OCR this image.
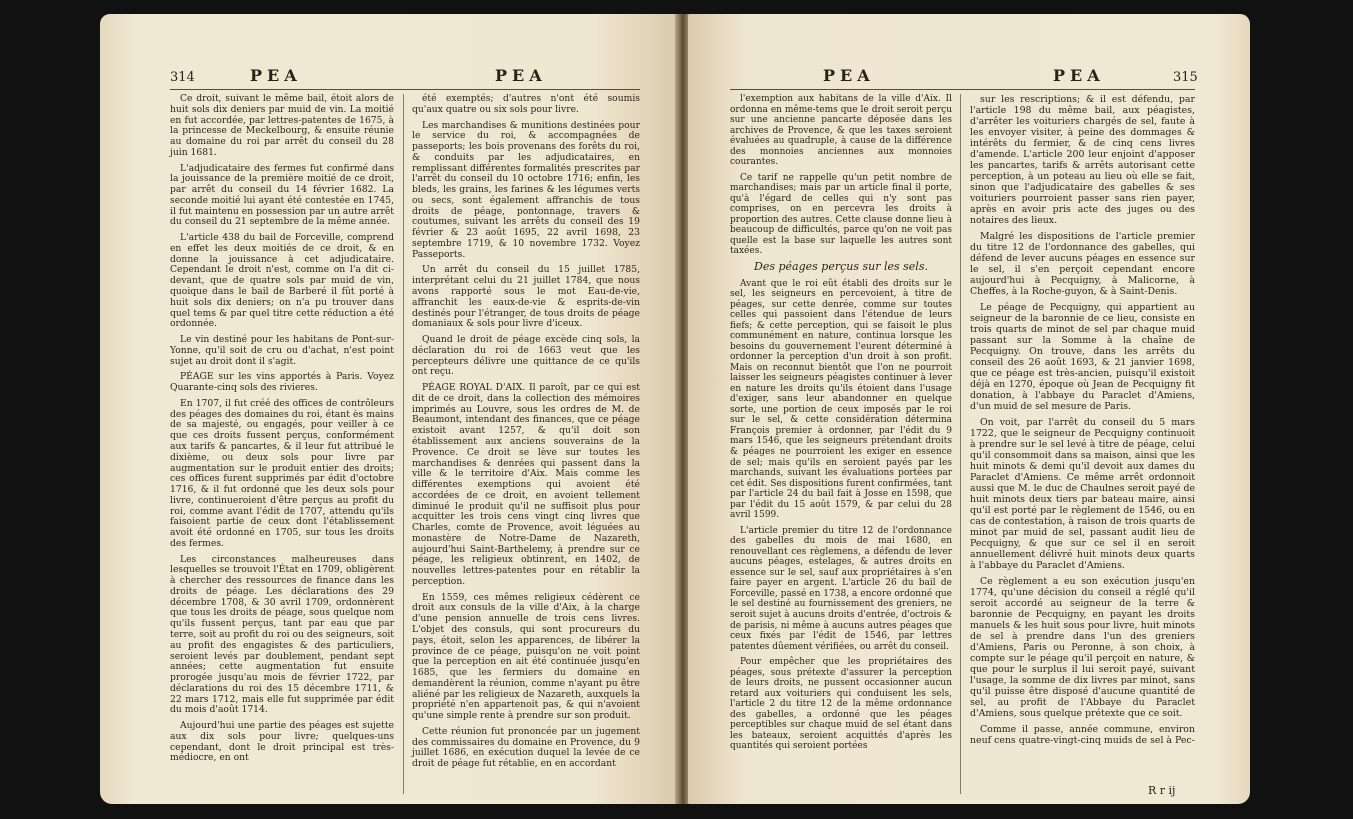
314	PEA	PEA

Ce droit, suivant le même bail, étoit alors de huit sols dix deniers par muid de vin. La moitié en fut accordée, par lettres-patentes de 1675, à la princesse de Meckelbourg, & ensuite réunie au domaine du roi par arrêt du conseil du 28 juin 1681.

L'adjudicataire des fermes fut confirmé dans la jouissance de la première moitié de ce droit, par arrêt du conseil du 14 février 1682. La seconde moitié lui ayant été contestée en 1745, il fut maintenu en possession par un autre arrêt du conseil du 21 septembre de la même année.

L'article 438 du bail de Forceville, comprend en effet les deux moitiés de ce droit, & en donne la jouissance à cet adjudicataire. Cependant le droit n'est, comme on l'a dit ci-devant, que de quatre sols par muid de vin, quoique dans le bail de Barberé il fût porté à huit sols dix deniers; on n'a pu trouver dans quel tems & par quel titre cette réduction a été ordonnée.

Le vin destiné pour les habitans de Pont-sur-Yonne, qu'il soit de cru ou d'achat, n'est point sujet au droit dont il s'agit.

PÉAGE sur les vins apportés à Paris. Voyez Quarante-cinq sols des rivieres.

En 1707, il fut créé des offices de contrôleurs des péages des domaines du roi, étant ès mains de sa majesté, ou engagés, pour veiller à ce que ces droits fussent perçus, conformément aux tarifs & pancartes, & il leur fut attribué le dixième, ou deux sols pour livre par augmentation sur le produit entier des droits; ces offices furent supprimés par édit d'octobre 1716, & il fut ordonné que les deux sols pour livre, continueroient d'être perçus au profit du roi, comme avant l'édit de 1707, attendu qu'ils faisoient partie de ceux dont l'établissement avoit été ordonné en 1705, sur tous les droits des fermes.

Les circonstances malheureuses dans lesquelles se trouvoit l'État en 1709, obligèrent à chercher des ressources de finance dans les droits de péage. Les déclarations des 29 décembre 1708, & 30 avril 1709, ordonnèrent que tous les droits de péage, sous quelque nom qu'ils fussent perçus, tant par eau que par terre, soit au profit du roi ou des seigneurs, soit au profit des engagistes & des particuliers, seroient levés par doublement, pendant sept années; cette augmentation fut ensuite prorogée jusqu'au mois de février 1722, par déclarations du roi des 15 décembre 1711, & 22 mars 1712, mais elle fut supprimée par édit du mois d'août 1714.

Aujourd'hui une partie des péages est sujette aux dix sols pour livre; quelques-uns cependant, dont le droit principal est très-médiocre, en ont

été exemptés; d'autres n'ont été soumis qu'aux quatre ou six sols pour livre.

Les marchandises & munitions destinées pour le service du roi, & accompagnées de passeports; les bois provenans des forêts du roi, & conduits par les adjudicataires, en remplissant différentes formalités prescrites par l'arrêt du conseil du 10 octobre 1716; enfin, les bleds, les grains, les farines & les légumes verts ou secs, sont également affranchis de tous droits de péage, pontonnage, travers & coutumes, suivant les arrêts du conseil des 19 février & 23 août 1695, 22 avril 1698, 23 septembre 1719, & 10 novembre 1732. Voyez Passeports.

Un arrêt du conseil du 15 juillet 1785, interprétant celui du 21 juillet 1784, que nous avons rapporté sous le mot Eau-de-vie, affranchit les eaux-de-vie & esprits-de-vin destinés pour l'étranger, de tous droits de péage domaniaux & sols pour livre d'iceux.

Quand le droit de péage excède cinq sols, la déclaration du roi de 1663 veut que les percepteurs délivre une quittance de ce qu'ils ont reçu.

PÉAGE ROYAL D'AIX. Il paroît, par ce qui est dit de ce droit, dans la collection des mémoires imprimés au Louvre, sous les ordres de M. de Beaumont, intendant des finances, que ce péage existoit avant 1257, & qu'il doit son établissement aux anciens souverains de la Provence. Ce droit se lève sur toutes les marchandises & denrées qui passent dans la ville & le territoire d'Aix. Mais comme les différentes exemptions qui avoient été accordées de ce droit, en avoient tellement diminué le produit qu'il ne suffisoit plus pour acquitter les trois cens vingt cinq livres que Charles, comte de Provence, avoit léguées au monastère de Notre-Dame de Nazareth, aujourd'hui Saint-Barthelemy, à prendre sur ce péage, les religieux obtinrent, en 1402, de nouvelles lettres-patentes pour en rétablir la perception.

En 1559, ces mêmes religieux cédèrent ce droit aux consuls de la ville d'Aix, à la charge d'une pension annuelle de trois cens livres. L'objet des consuls, qui sont procureurs du pays, étoit, selon les apparences, de libérer la province de ce péage, puisqu'on ne voit point que la perception en ait été continuée jusqu'en 1685, que les fermiers du domaine en demandèrent la réunion, comme n'ayant pu être aliéné par les religieux de Nazareth, auxquels la propriété n'en appartenoit pas, & qui n'avoient qu'une simple rente à prendre sur son produit.

Cette réunion fut prononcée par un jugement des commissaires du domaine en Provence, du 9 juillet 1686, en exécution duquel la levée de ce droit de péage fut rétablie, en en accordant

PEA	PEA	315

l'exemption aux habitans de la ville d'Aix. Il ordonna en même-tems que le droit seroit perçu sur une ancienne pancarte déposée dans les archives de Provence, & que les taxes seroient évaluées au quadruple, à cause de la différence des monnoies anciennes aux monnoies courantes.

Ce tarif ne rappelle qu'un petit nombre de marchandises; mais par un article final il porte, qu'à l'égard de celles qui n'y sont pas comprises, on en percevra les droits à proportion des autres. Cette clause donne lieu à beaucoup de difficultés, parce qu'on ne voit pas quelle est la base sur laquelle les autres sont taxées.

Des péages perçus sur les sels.

Avant que le roi eût établi des droits sur le sel, les seigneurs en percevoient, à titre de péages, sur cette denrée, comme sur toutes celles qui passoient dans l'étendue de leurs fiefs; & cette perception, qui se faisoit le plus communément en nature, continua lorsque les besoins du gouvernement l'eurent déterminé à ordonner la perception d'un droit à son profit. Mais on reconnut bientôt que l'on ne pourroit laisser les seigneurs péagistes continuer à lever en nature les droits qu'ils étoient dans l'usage d'exiger, sans leur abandonner en quelque sorte, une portion de ceux imposés par le roi sur le sel, & cette considération détermina François premier à ordonner, par l'édit du 9 mars 1546, que les seigneurs prétendant droits & péages ne pourroient les exiger en essence de sel; mais qu'ils en seroient payés par les marchands, suivant les évaluations portées par cet édit. Ses dispositions furent confirmées, tant par l'article 24 du bail fait à Josse en 1598, que par l'édit du 15 août 1579, & par celui du 28 avril 1599.

L'article premier du titre 12 de l'ordonnance des gabelles du mois de mai 1680, en renouvellant ces règlemens, a défendu de lever aucuns péages, estelages, & autres droits en essence sur le sel, sauf aux propriétaires à s'en faire payer en argent. L'article 26 du bail de Forceville, passé en 1738, a encore ordonné que le sel destiné au fournissement des greniers, ne seroit sujet à aucuns droits d'entrée, d'octrois & de parisis, ni même à aucuns autres péages que ceux fixés par l'édit de 1546, par lettres patentes dûement vérifiées, ou arrêt du conseil.

Pour empêcher que les propriétaires des péages, sous prétexte d'assurer la perception de leurs droits, ne pussent occasionner aucun retard aux voituriers qui conduisent les sels, l'article 2 du titre 12 de la même ordonnance des gabelles, a ordonné que les péages perceptibles sur chaque muid de sel étant dans les bateaux, seroient acquittés d'après les quantités qui seroient portées

sur les rescriptions; & il est défendu, par l'article 198 du même bail, aux péagistes, d'arrêter les voituriers chargés de sel, faute à les envoyer visiter, à peine des dommages & intérêts du fermier, & de cinq cens livres d'amende. L'article 200 leur enjoint d'apposer les pancartes, tarifs & arrêts autorisant cette perception, à un poteau au lieu où elle se fait, sinon que l'adjudicataire des gabelles & ses voituriers pourroient passer sans rien payer, après en avoir pris acte des juges ou des notaires des lieux.

Malgré les dispositions de l'article premier du titre 12 de l'ordonnance des gabelles, qui défend de lever aucuns péages en essence sur le sel, il s'en perçoit cependant encore aujourd'hui à Pecquigny, à Malicorne, à Cheffes, à la Roche-guyon, & à Saint-Denis.

Le péage de Pecquigny, qui appartient au seigneur de la baronnie de ce lieu, consiste en trois quarts de minot de sel par chaque muid passant sur la Somme à la chaîne de Pecquigny. On trouve, dans les arrêts du conseil des 26 août 1693, & 21 janvier 1698, que ce péage est très-ancien, puisqu'il existoit déjà en 1270, époque où Jean de Pecquigny fit donation, à l'abbaye du Paraclet d'Amiens, d'un muid de sel mesure de Paris.

On voit, par l'arrêt du conseil du 5 mars 1722, que le seigneur de Pecquigny continuoit à prendre sur le sel levé à titre de péage, celui qu'il consommoit dans sa maison, ainsi que les huit minots & demi qu'il devoit aux dames du Paraclet d'Amiens. Ce même arrêt ordonnoit aussi que M. le duc de Chaulnes seroit payé de huit minots deux tiers par bateau maire, ainsi qu'il est porté par le règlement de 1546, ou en cas de contestation, à raison de trois quarts de minot par muid de sel, passant audit lieu de Pecquigny, & que sur ce sel il en seroit annuellement délivré huit minots deux quarts à l'abbaye du Paraclet d'Amiens.

Ce règlement a eu son exécution jusqu'en 1774, qu'une décision du conseil a réglé qu'il seroit accordé au seigneur de la terre & baronnie de Pecquigny, en payant les droits manuels & les huit sous pour livre, huit minots de sel à prendre dans l'un des greniers d'Amiens, Paris ou Peronne, à son choix, à compte sur le péage qu'il perçoit en nature, & que pour le surplus il lui seroit payé, suivant l'usage, la somme de dix livres par minot, sans qu'il puisse être disposé d'aucune quantité de sel, au profit de l'Abbaye du Paraclet d'Amiens, sous quelque prétexte que ce soit.

Comme il passe, année commune, environ neuf cens quatre-vingt-cinq muids de sel à Pec-

R r ij
